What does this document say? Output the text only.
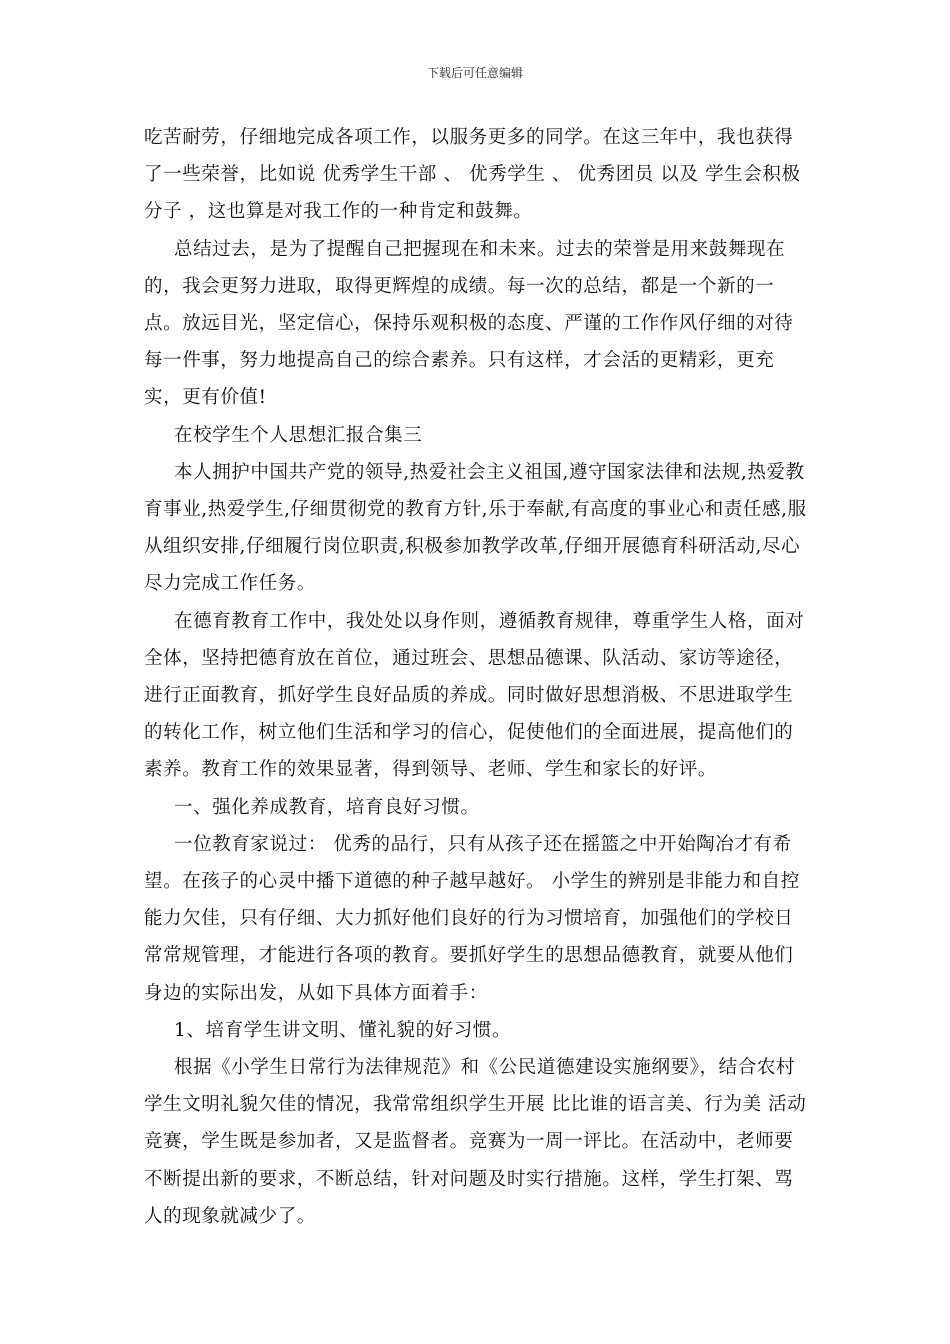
下载后可任意编辑

吃苦耐劳，仔细地完成各项工作，以服务更多的同学。在这三年中，我也获得了一些荣誉，比如说 优秀学生干部 、 优秀学生 、 优秀团员 以及 学生会积极分子 ，这也算是对我工作的一种肯定和鼓舞。

总结过去，是为了提醒自己把握现在和未来。过去的荣誉是用来鼓舞现在的，我会更努力进取，取得更辉煌的成绩。每一次的总结，都是一个新的一点。放远目光，坚定信心，保持乐观积极的态度、严谨的工作作风仔细的对待每一件事，努力地提高自己的综合素养。只有这样，才会活的更精彩，更充实，更有价值!

在校学生个人思想汇报合集三

本人拥护中国共产党的领导,热爱社会主义祖国,遵守国家法律和法规,热爱教育事业,热爱学生,仔细贯彻党的教育方针,乐于奉献,有高度的事业心和责任感,服从组织安排,仔细履行岗位职责,积极参加教学改革,仔细开展德育科研活动,尽心尽力完成工作任务。

在德育教育工作中，我处处以身作则，遵循教育规律，尊重学生人格，面对全体，坚持把德育放在首位，通过班会、思想品德课、队活动、家访等途径，进行正面教育，抓好学生良好品质的养成。同时做好思想消极、不思进取学生的转化工作，树立他们生活和学习的信心，促使他们的全面进展，提高他们的素养。教育工作的效果显著，得到领导、老师、学生和家长的好评。

一、强化养成教育，培育良好习惯。

一位教育家说过： 优秀的品行，只有从孩子还在摇篮之中开始陶冶才有希望。在孩子的心灵中播下道德的种子越早越好。 小学生的辨别是非能力和自控能力欠佳，只有仔细、大力抓好他们良好的行为习惯培育，加强他们的学校日常常规管理，才能进行各项的教育。要抓好学生的思想品德教育，就要从他们身边的实际出发，从如下具体方面着手：

1、培育学生讲文明、懂礼貌的好习惯。

根据《小学生日常行为法律规范》和《公民道德建设实施纲要》，结合农村学生文明礼貌欠佳的情况，我常常组织学生开展 比比谁的语言美、行为美 活动竞赛，学生既是参加者，又是监督者。竞赛为一周一评比。在活动中，老师要不断提出新的要求，不断总结，针对问题及时实行措施。这样，学生打架、骂人的现象就减少了。
